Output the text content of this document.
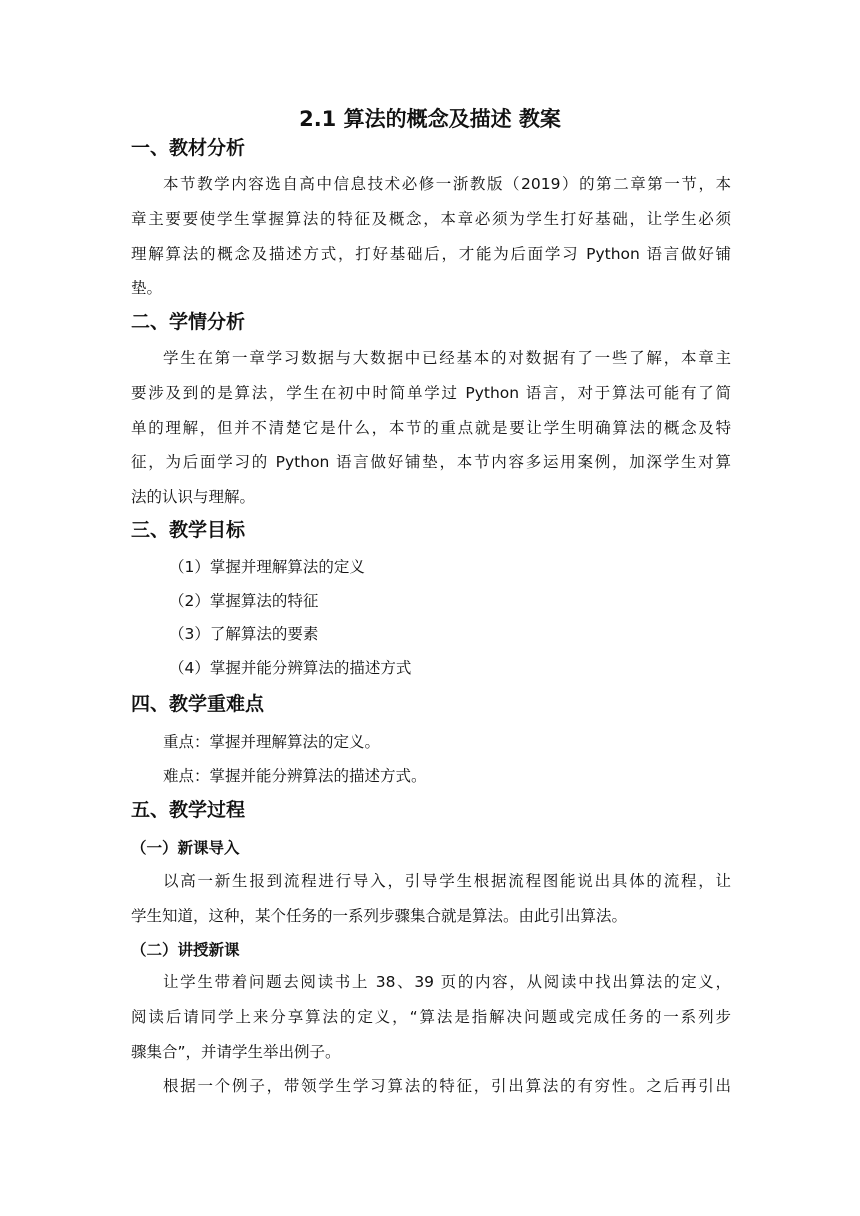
2.1 算法的概念及描述 教案
一、教材分析
本节教学内容选自高中信息技术必修一浙教版（2019）的第二章第一节，本
章主要要使学生掌握算法的特征及概念，本章必须为学生打好基础，让学生必须
理解算法的概念及描述方式，打好基础后，才能为后面学习 Python 语言做好铺
垫。
二、学情分析
学生在第一章学习数据与大数据中已经基本的对数据有了一些了解，本章主
要涉及到的是算法，学生在初中时简单学过 Python 语言，对于算法可能有了简
单的理解，但并不清楚它是什么，本节的重点就是要让学生明确算法的概念及特
征，为后面学习的 Python 语言做好铺垫，本节内容多运用案例，加深学生对算
法的认识与理解。
三、教学目标
（1）掌握并理解算法的定义
（2）掌握算法的特征
（3）了解算法的要素
（4）掌握并能分辨算法的描述方式
四、教学重难点
重点：掌握并理解算法的定义。
难点：掌握并能分辨算法的描述方式。
五、教学过程
（一）新课导入
以高一新生报到流程进行导入，引导学生根据流程图能说出具体的流程，让
学生知道，这种，某个任务的一系列步骤集合就是算法。由此引出算法。
（二）讲授新课
让学生带着问题去阅读书上 38、39 页的内容，从阅读中找出算法的定义，
阅读后请同学上来分享算法的定义，“算法是指解决问题或完成任务的一系列步
骤集合”，并请学生举出例子。
根据一个例子，带领学生学习算法的特征，引出算法的有穷性。之后再引出
